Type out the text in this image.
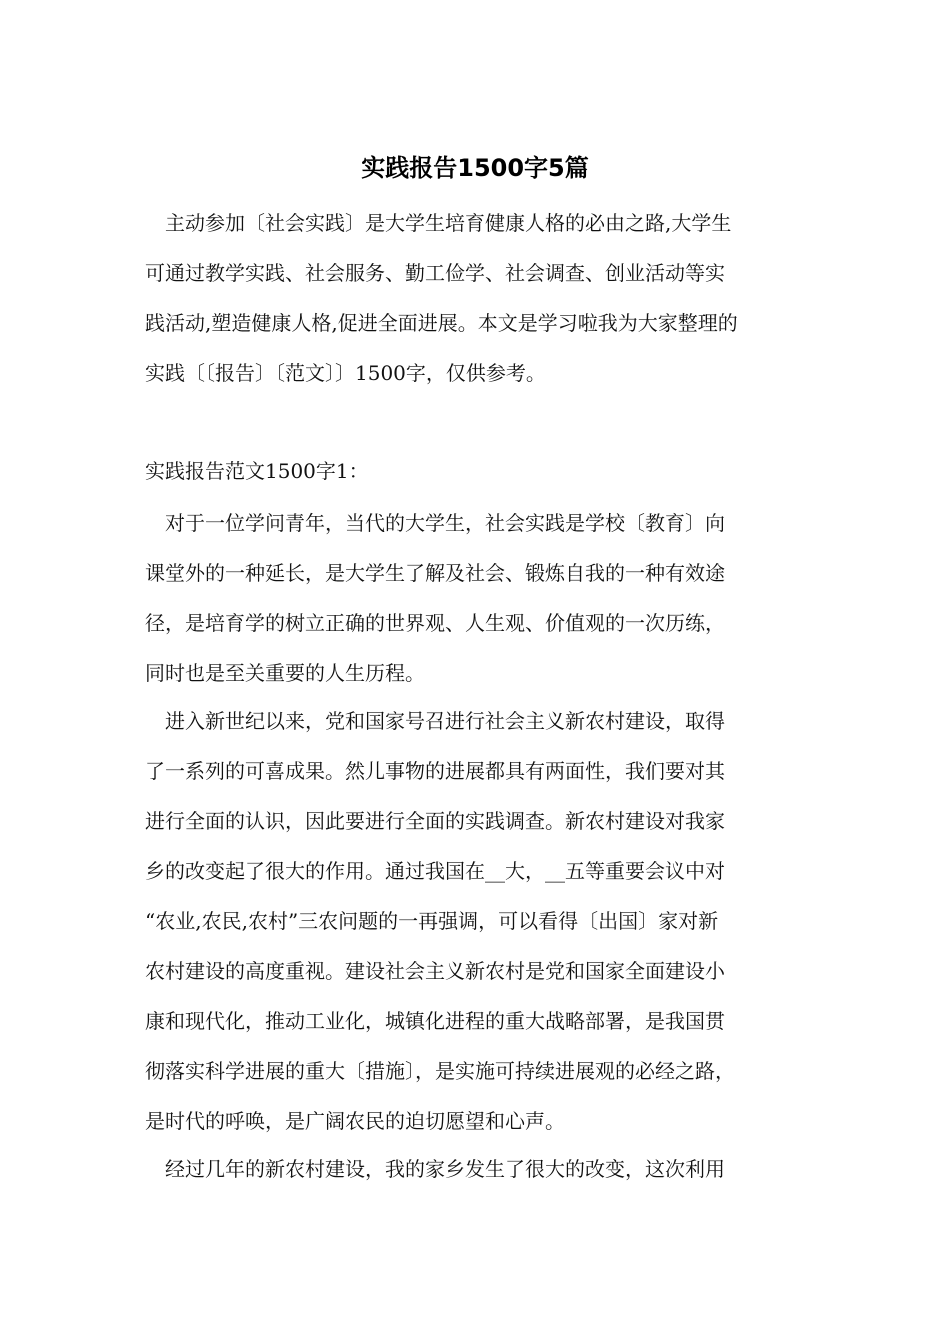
实践报告1500字5篇
主动参加〔社会实践〕是大学生培育健康人格的必由之路,大学生
可通过教学实践、社会服务、勤工俭学、社会调查、创业活动等实
践活动,塑造健康人格,促进全面进展。本文是学习啦我为大家整理的
实践〔〔报告〕〔范文〕〕1500字，仅供参考。
实践报告范文1500字1：
对于一位学问青年，当代的大学生，社会实践是学校〔教育〕向
课堂外的一种延长，是大学生了解及社会、锻炼自我的一种有效途
径，是培育学的树立正确的世界观、人生观、价值观的一次历练，
同时也是至关重要的人生历程。
进入新世纪以来，党和国家号召进行社会主义新农村建设，取得
了一系列的可喜成果。然儿事物的进展都具有两面性，我们要对其
进行全面的认识，因此要进行全面的实践调查。新农村建设对我家
乡的改变起了很大的作用。通过我国在__大，__五等重要会议中对
“农业,农民,农村”三农问题的一再强调，可以看得〔出国〕家对新
农村建设的高度重视。建设社会主义新农村是党和国家全面建设小
康和现代化，推动工业化，城镇化进程的重大战略部署，是我国贯
彻落实科学进展的重大〔措施〕，是实施可持续进展观的必经之路，
是时代的呼唤，是广阔农民的迫切愿望和心声。
经过几年的新农村建设，我的家乡发生了很大的改变，这次利用
